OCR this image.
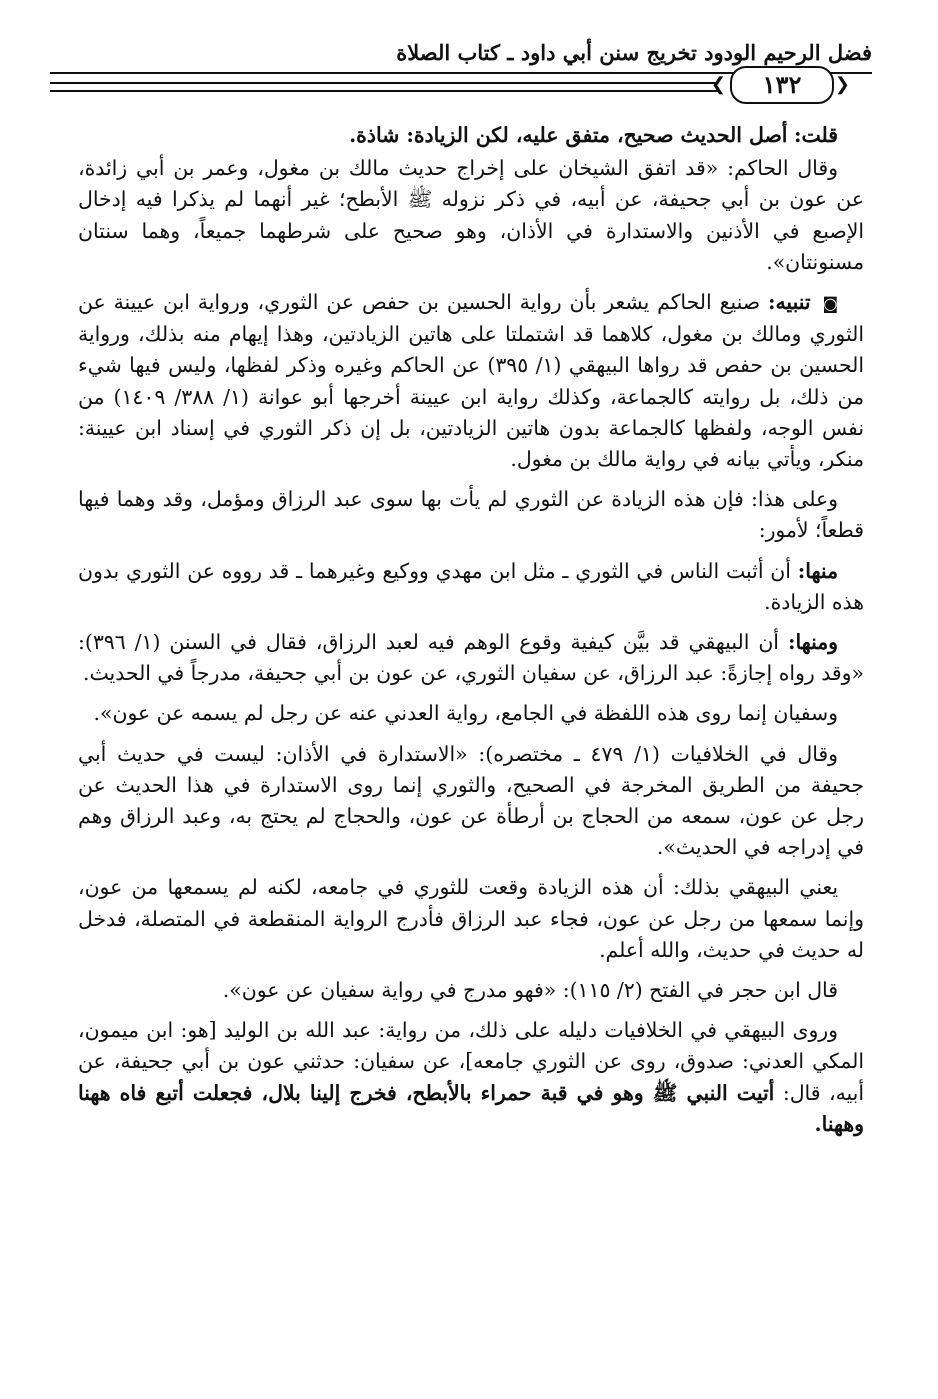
فضل الرحيم الودود تخريج سنن أبي داود ـ كتاب الصلاة
❮
١٣٢
❯

قلت: أصل الحديث صحيح، متفق عليه، لكن الزيادة: شاذة.

وقال الحاكم: «قد اتفق الشيخان على إخراج حديث مالك بن مغول، وعمر بن أبي زائدة، عن عون بن أبي جحيفة، عن أبيه، في ذكر نزوله ﷺ الأبطح؛ غير أنهما لم يذكرا فيه إدخال الإصبع في الأذنين والاستدارة في الأذان، وهو صحيح على شرطهما جميعاً، وهما سنتان مسنونتان».

◙ تنبيه: صنيع الحاكم يشعر بأن رواية الحسين بن حفص عن الثوري، ورواية ابن عيينة عن الثوري ومالك بن مغول، كلاهما قد اشتملتا على هاتين الزيادتين، وهذا إيهام منه بذلك، ورواية الحسين بن حفص قد رواها البيهقي (١/ ٣٩٥) عن الحاكم وغيره وذكر لفظها، وليس فيها شيء من ذلك، بل روايته كالجماعة، وكذلك رواية ابن عيينة أخرجها أبو عوانة (١/ ٣٨٨/ ١٤٠٩) من نفس الوجه، ولفظها كالجماعة بدون هاتين الزيادتين، بل إن ذكر الثوري في إسناد ابن عيينة: منكر، ويأتي بيانه في رواية مالك بن مغول.

وعلى هذا: فإن هذه الزيادة عن الثوري لم يأت بها سوى عبد الرزاق ومؤمل، وقد وهما فيها قطعاً؛ لأمور:

منها: أن أثبت الناس في الثوري ـ مثل ابن مهدي ووكيع وغيرهما ـ قد رووه عن الثوري بدون هذه الزيادة.

ومنها: أن البيهقي قد بيَّن كيفية وقوع الوهم فيه لعبد الرزاق، فقال في السنن (١/ ٣٩٦): «وقد رواه إجازةً: عبد الرزاق، عن سفيان الثوري، عن عون بن أبي جحيفة، مدرجاً في الحديث.

وسفيان إنما روى هذه اللفظة في الجامع، رواية العدني عنه عن رجل لم يسمه عن عون».

وقال في الخلافيات (١/ ٤٧٩ ـ مختصره): «الاستدارة في الأذان: ليست في حديث أبي جحيفة من الطريق المخرجة في الصحيح، والثوري إنما روى الاستدارة في هذا الحديث عن رجل عن عون، سمعه من الحجاج بن أرطأة عن عون، والحجاج لم يحتج به، وعبد الرزاق وهم في إدراجه في الحديث».

يعني البيهقي بذلك: أن هذه الزيادة وقعت للثوري في جامعه، لكنه لم يسمعها من عون، وإنما سمعها من رجل عن عون، فجاء عبد الرزاق فأدرج الرواية المنقطعة في المتصلة، فدخل له حديث في حديث، والله أعلم.

قال ابن حجر في الفتح (٢/ ١١٥): «فهو مدرج في رواية سفيان عن عون».

وروى البيهقي في الخلافيات دليله على ذلك، من رواية: عبد الله بن الوليد [هو: ابن ميمون، المكي العدني: صدوق، روى عن الثوري جامعه]، عن سفيان: حدثني عون بن أبي جحيفة، عن أبيه، قال: أتيت النبي ﷺ وهو في قبة حمراء بالأبطح، فخرج إلينا بلال، فجعلت أتبع فاه ههنا وههنا.
